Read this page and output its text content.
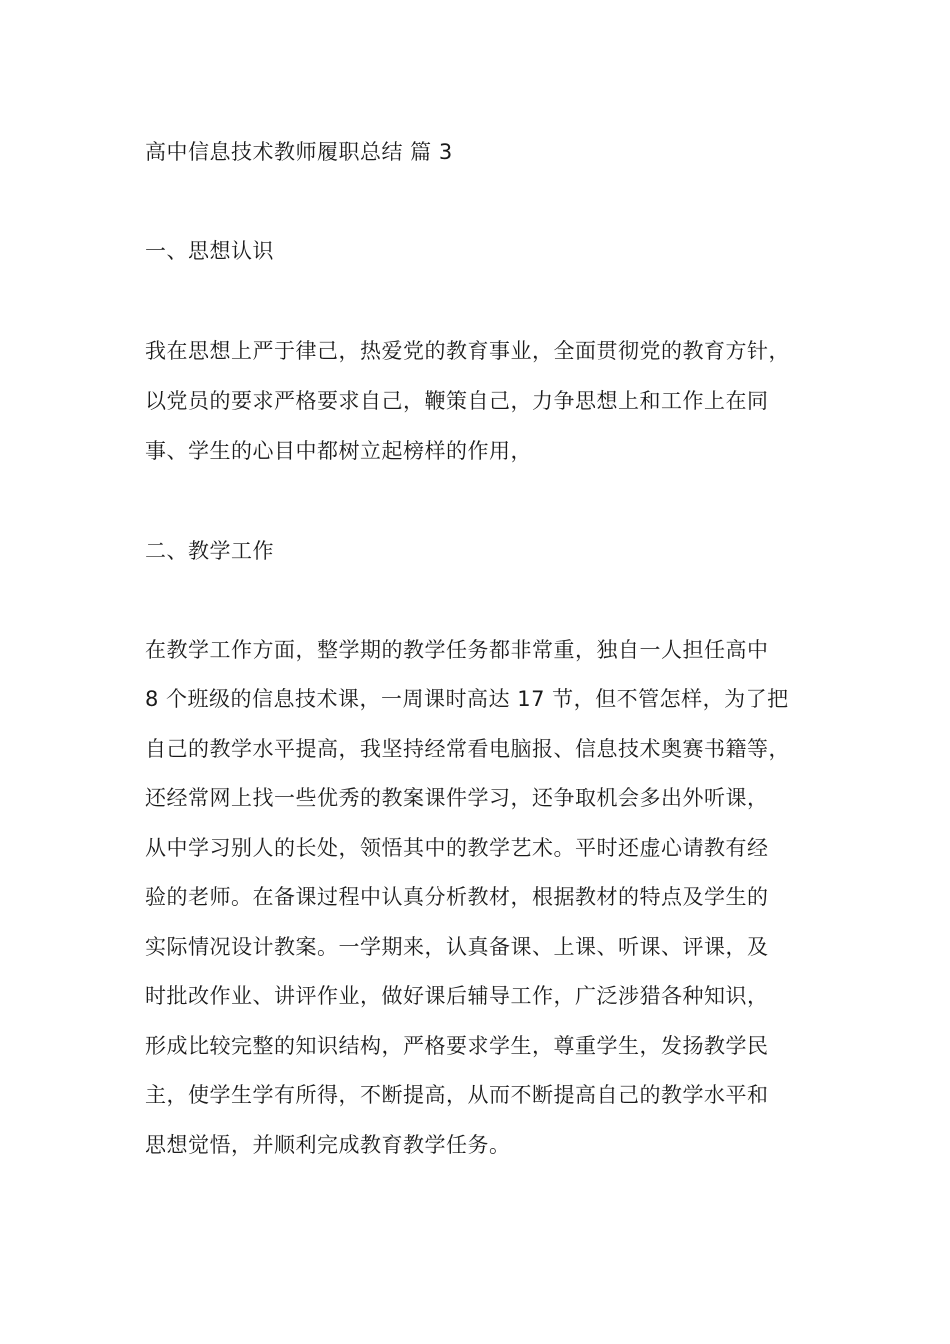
高中信息技术教师履职总结 篇 3
一、思想认识
我在思想上严于律己，热爱党的教育事业，全面贯彻党的教育方针，
以党员的要求严格要求自己，鞭策自己，力争思想上和工作上在同
事、学生的心目中都树立起榜样的作用，
二、教学工作
在教学工作方面，整学期的教学任务都非常重，独自一人担任高中
8 个班级的信息技术课，一周课时高达 17 节，但不管怎样，为了把
自己的教学水平提高，我坚持经常看电脑报、信息技术奥赛书籍等，
还经常网上找一些优秀的教案课件学习，还争取机会多出外听课，
从中学习别人的长处，领悟其中的教学艺术。平时还虚心请教有经
验的老师。在备课过程中认真分析教材，根据教材的特点及学生的
实际情况设计教案。一学期来，认真备课、上课、听课、评课，及
时批改作业、讲评作业，做好课后辅导工作，广泛涉猎各种知识，
形成比较完整的知识结构，严格要求学生，尊重学生，发扬教学民
主，使学生学有所得，不断提高，从而不断提高自己的教学水平和
思想觉悟，并顺利完成教育教学任务。
